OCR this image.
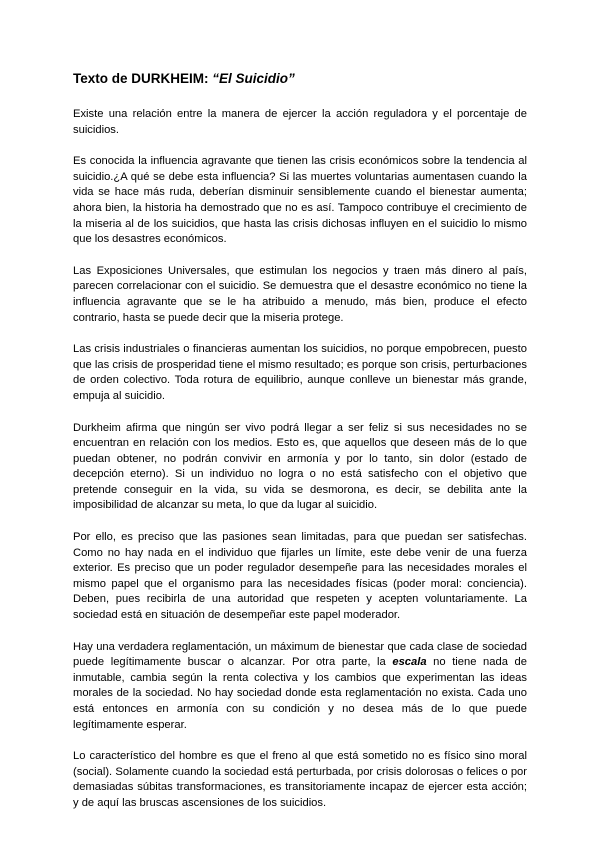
Texto de DURKHEIM: “El Suicidio”

Existe una relación entre la manera de ejercer la acción reguladora y el porcentaje de suicidios.

Es conocida la influencia agravante que tienen las crisis económicos sobre la tendencia al suicidio.¿A qué se debe esta influencia? Si las muertes voluntarias aumentasen cuando la vida se hace más ruda, deberían disminuir sensiblemente cuando el bienestar aumenta; ahora bien, la historia ha demostrado que no es así. Tampoco contribuye el crecimiento de la miseria al de los suicidios, que hasta las crisis dichosas influyen en el suicidio lo mismo que los desastres económicos.

Las Exposiciones Universales, que estimulan los negocios y traen más dinero al país, parecen correlacionar con el suicidio. Se demuestra que el desastre económico no tiene la influencia agravante que se le ha atribuido a menudo, más bien, produce el efecto contrario, hasta se puede decir que la miseria protege.

Las crisis industriales o financieras aumentan los suicidios, no porque empobrecen, puesto que las crisis de prosperidad tiene el mismo resultado; es porque son crisis, perturbaciones de orden colectivo. Toda rotura de equilibrio, aunque conlleve un bienestar más grande, empuja al suicidio.

Durkheim afirma que ningún ser vivo podrá llegar a ser feliz si sus necesidades no se encuentran en relación con los medios. Esto es, que aquellos que deseen más de lo que puedan obtener, no podrán convivir en armonía y por lo tanto, sin dolor (estado de decepción eterno). Si un individuo no logra o no está satisfecho con el objetivo que pretende conseguir en la vida, su vida se desmorona, es decir, se debilita ante la imposibilidad de alcanzar su meta, lo que da lugar al suicidio.

Por ello, es preciso que las pasiones sean limitadas, para que puedan ser satisfechas. Como no hay nada en el individuo que fijarles un límite, este debe venir de una fuerza exterior. Es preciso que un poder regulador desempeñe para las necesidades morales el mismo papel que el organismo para las necesidades físicas (poder moral: conciencia). Deben, pues recibirla de una autoridad que respeten y acepten voluntariamente. La sociedad está en situación de desempeñar este papel moderador.

Hay una verdadera reglamentación, un máximum de bienestar que cada clase de sociedad puede legítimamente buscar o alcanzar. Por otra parte, la escala no tiene nada de inmutable, cambia según la renta colectiva y los cambios que experimentan las ideas morales de la sociedad. No hay sociedad donde esta reglamentación no exista. Cada uno está entonces en armonía con su condición y no desea más de lo que puede legítimamente esperar.

Lo característico del hombre es que el freno al que está sometido no es físico sino moral (social). Solamente cuando la sociedad está perturbada, por crisis dolorosas o felices o por demasiadas súbitas transformaciones, es transitoriamente incapaz de ejercer esta acción; y de aquí las bruscas ascensiones de los suicidios.
